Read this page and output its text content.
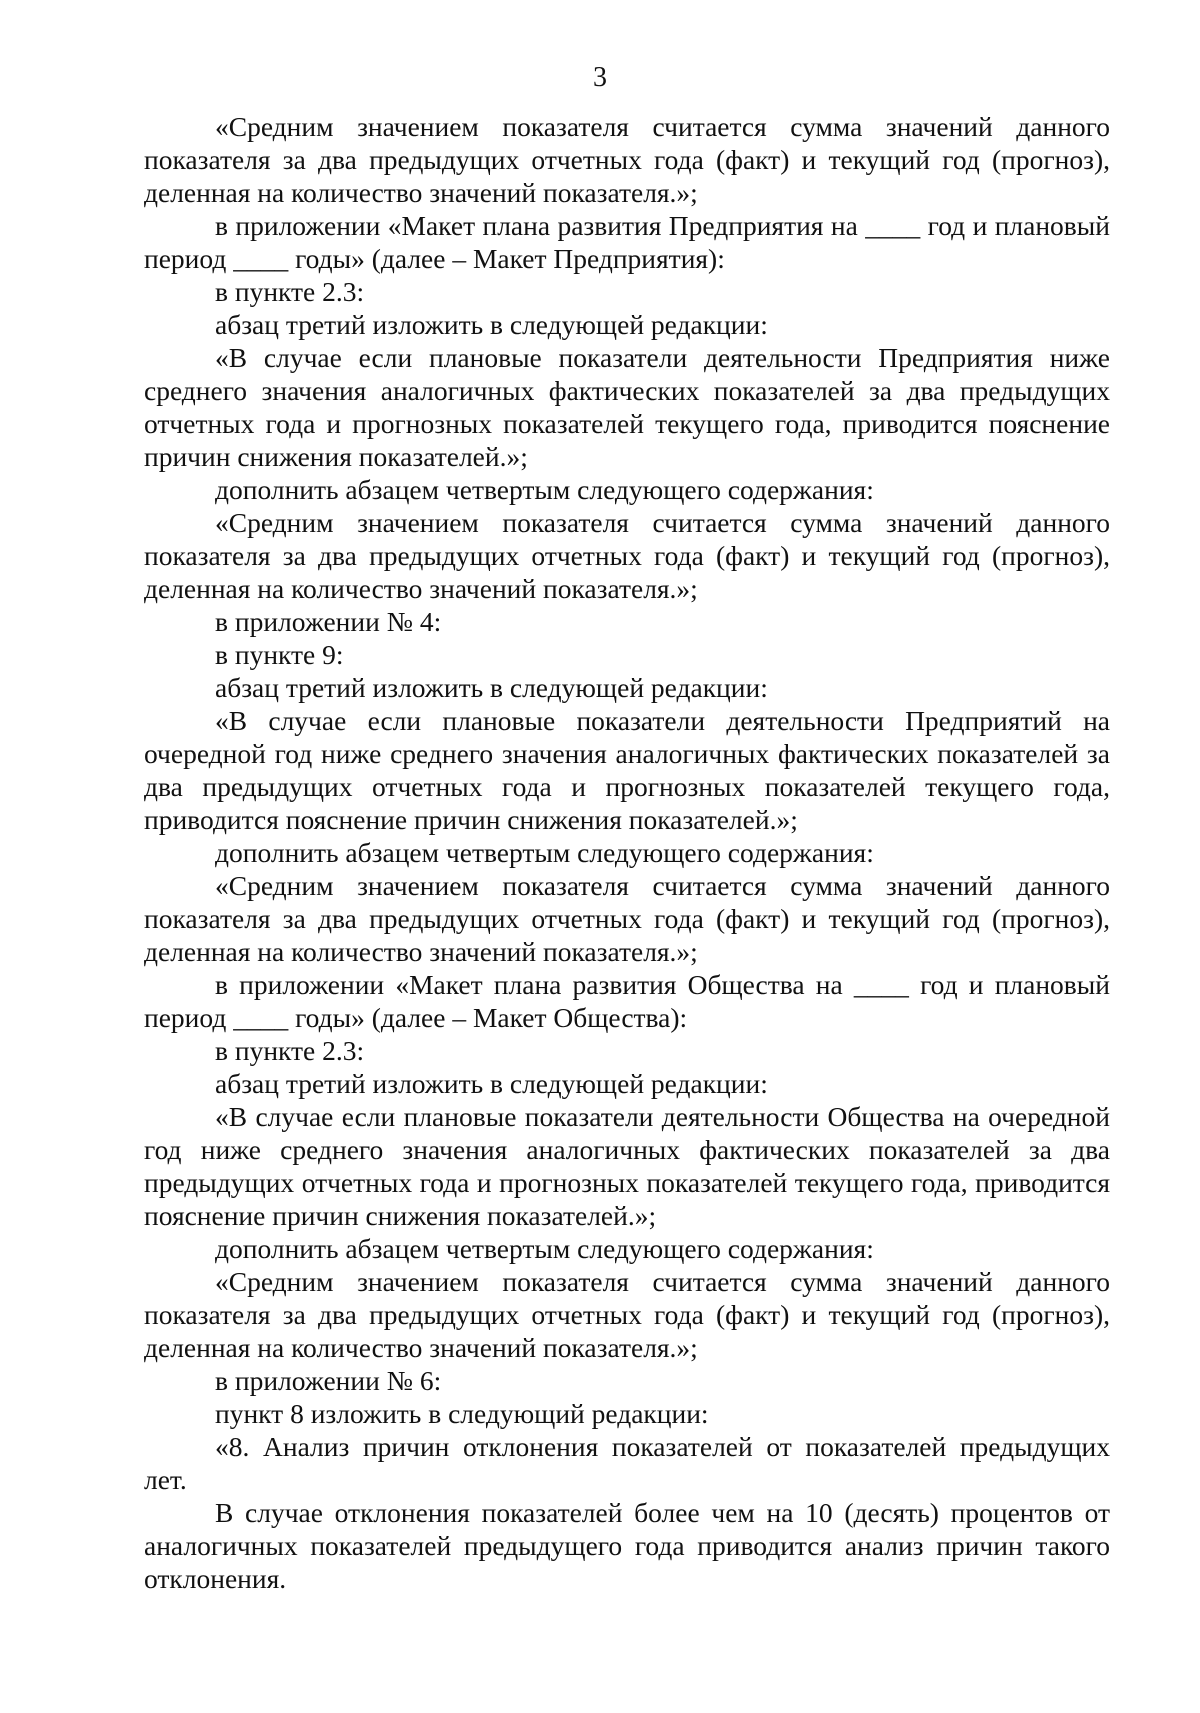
3

«Средним значением показателя считается сумма значений данного показателя за два предыдущих отчетных года (факт) и текущий год (прогноз), деленная на количество значений показателя.»;

в приложении «Макет плана развития Предприятия на ____ год и плановый период ____ годы» (далее – Макет Предприятия):

в пункте 2.3:

абзац третий изложить в следующей редакции:

«В случае если плановые показатели деятельности Предприятия ниже среднего значения аналогичных фактических показателей за два предыдущих отчетных года и прогнозных показателей текущего года, приводится пояснение причин снижения показателей.»;

дополнить абзацем четвертым следующего содержания:

«Средним значением показателя считается сумма значений данного показателя за два предыдущих отчетных года (факт) и текущий год (прогноз), деленная на количество значений показателя.»;

в приложении № 4:

в пункте 9:

абзац третий изложить в следующей редакции:

«В случае если плановые показатели деятельности Предприятий на очередной год ниже среднего значения аналогичных фактических показателей за два предыдущих отчетных года и прогнозных показателей текущего года, приводится пояснение причин снижения показателей.»;

дополнить абзацем четвертым следующего содержания:

«Средним значением показателя считается сумма значений данного показателя за два предыдущих отчетных года (факт) и текущий год (прогноз), деленная на количество значений показателя.»;

в приложении «Макет плана развития Общества на ____ год и плановый период ____ годы» (далее – Макет Общества):

в пункте 2.3:

абзац третий изложить в следующей редакции:

«В случае если плановые показатели деятельности Общества на очередной год ниже среднего значения аналогичных фактических показателей за два предыдущих отчетных года и прогнозных показателей текущего года, приводится пояснение причин снижения показателей.»;

дополнить абзацем четвертым следующего содержания:

«Средним значением показателя считается сумма значений данного показателя за два предыдущих отчетных года (факт) и текущий год (прогноз), деленная на количество значений показателя.»;

в приложении № 6:

пункт 8 изложить в следующий редакции:

«8. Анализ причин отклонения показателей от показателей предыдущих лет.

В случае отклонения показателей более чем на 10 (десять) процентов от аналогичных показателей предыдущего года приводится анализ причин такого отклонения.
